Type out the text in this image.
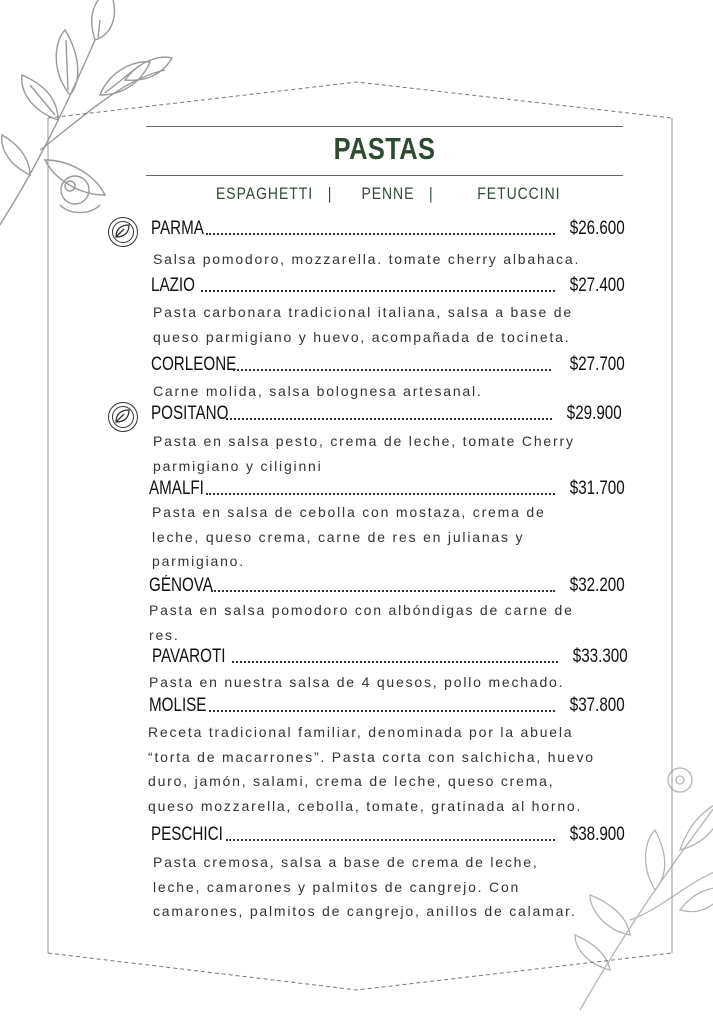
PASTAS
ESPAGHETTI   |      PENNE   |         FETUCCINI
PARMA	$26.600
Salsa pomodoro, mozzarella. tomate cherry albahaca.
LAZIO	$27.400
Pasta carbonara tradicional italiana, salsa a base de
queso parmigiano y huevo, acompañada de tocineta.
CORLEONE	$27.700
Carne molida, salsa bolognesa artesanal.
POSITANO	$29.900
Pasta en salsa pesto, crema de leche, tomate Cherry
parmigiano y ciliginni
AMALFI	$31.700
Pasta en salsa de cebolla con mostaza, crema de
leche, queso crema, carne de res en julianas y
parmigiano.
GÉNOVA	$32.200
Pasta en salsa pomodoro con albóndigas de carne de
res.
PAVAROTI	$33.300
Pasta en nuestra salsa de 4 quesos, pollo mechado.
MOLISE	$37.800
Receta tradicional familiar, denominada por la abuela
“torta de macarrones”. Pasta corta con salchicha, huevo
duro, jamón, salami, crema de leche, queso crema,
queso mozzarella, cebolla, tomate, gratinada al horno.
PESCHICI	$38.900
Pasta cremosa, salsa a base de crema de leche,
leche, camarones y palmitos de cangrejo. Con
camarones, palmitos de cangrejo, anillos de calamar.
